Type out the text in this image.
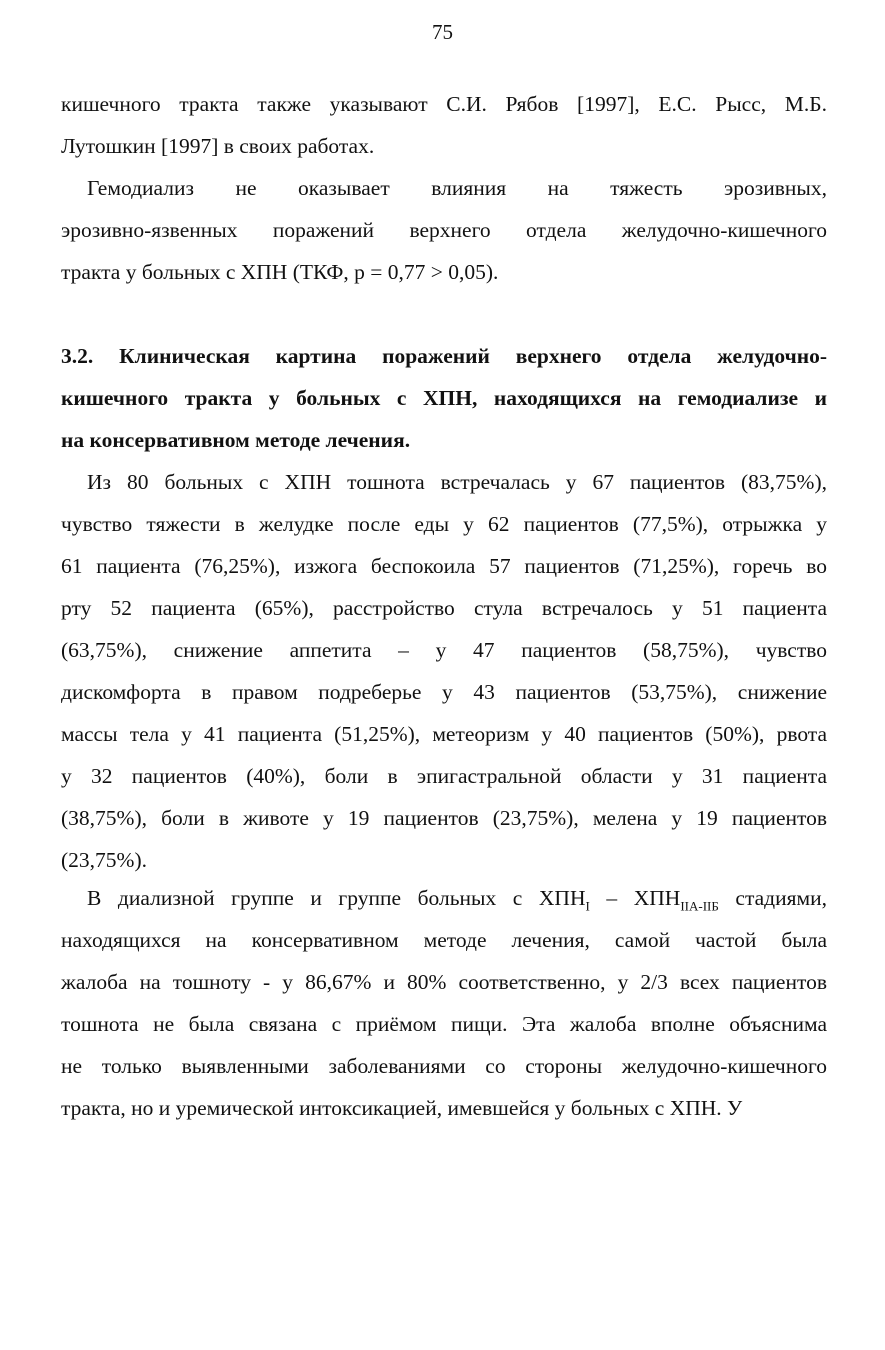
75
кишечного тракта также указывают С.И. Рябов [1997], Е.С. Рысс, М.Б.
Лутошкин [1997] в своих работах.
Гемодиализ не оказывает влияния на тяжесть эрозивных,
эрозивно-язвенных поражений верхнего отдела желудочно-кишечного
тракта у больных с ХПН (ТКФ, р = 0,77 > 0,05).
3.2. Клиническая картина поражений верхнего отдела желудочно-
кишечного тракта у больных с ХПН, находящихся на гемодиализе и
на консервативном методе лечения.
Из 80 больных с ХПН тошнота встречалась у 67 пациентов (83,75%),
чувство тяжести в желудке после еды у 62 пациентов (77,5%), отрыжка у
61 пациента (76,25%), изжога беспокоила 57 пациентов (71,25%), горечь во
рту 52 пациента (65%), расстройство стула встречалось у 51 пациента
(63,75%), снижение аппетита – у 47 пациентов (58,75%), чувство
дискомфорта в правом подреберье у 43 пациентов (53,75%), снижение
массы тела у 41 пациента (51,25%), метеоризм у 40 пациентов (50%), рвота
у 32 пациентов (40%), боли в эпигастральной области у 31 пациента
(38,75%), боли в животе у 19 пациентов (23,75%), мелена у 19 пациентов
(23,75%).
В диализной группе и группе больных с $ХПН_I - ХПН_{IIА-IIБ}$ стадиями,
находящихся на консервативном методе лечения, самой частой была
жалоба на тошноту - у 86,67% и 80% соответственно, у 2/3 всех пациентов
тошнота не была связана с приёмом пищи. Эта жалоба вполне объяснима
не только выявленными заболеваниями со стороны желудочно-кишечного
тракта, но и уремической интоксикацией, имевшейся у больных с ХПН. У
